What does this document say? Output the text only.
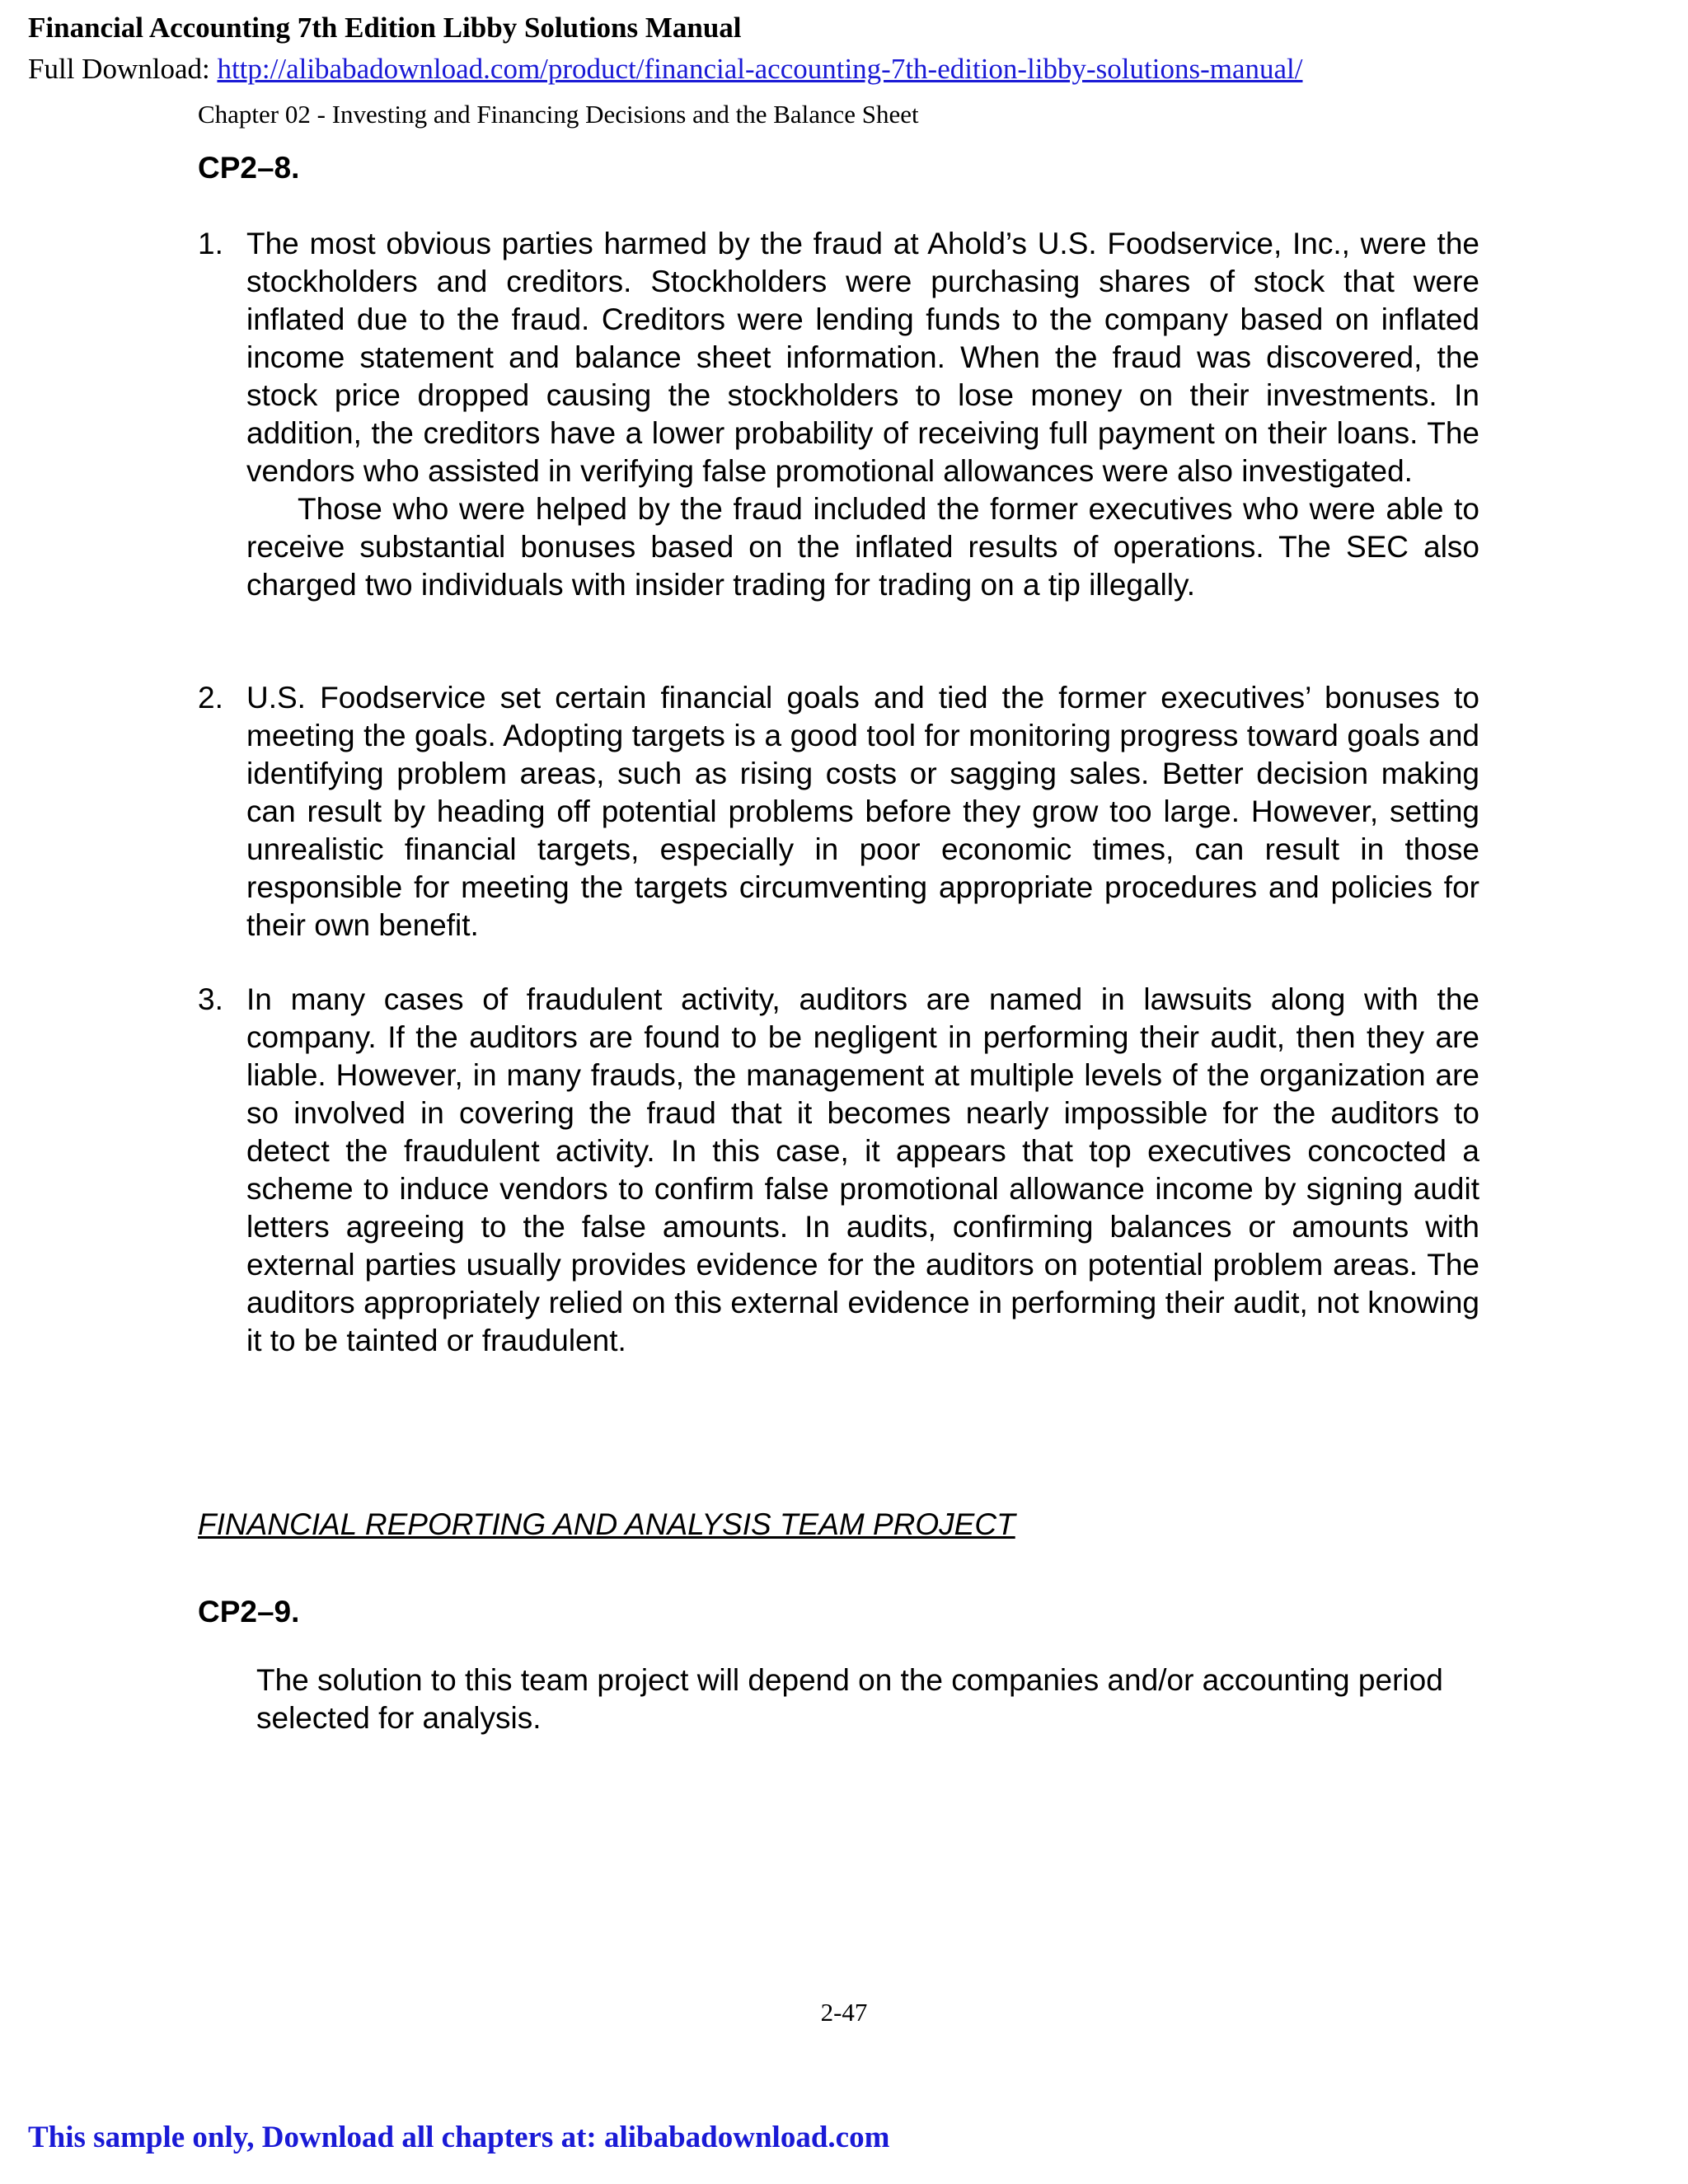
Financial Accounting 7th Edition Libby Solutions Manual
Full Download: http://alibabadownload.com/product/financial-accounting-7th-edition-libby-solutions-manual/
Chapter 02 - Investing and Financing Decisions and the Balance Sheet
CP2–8.
1. The most obvious parties harmed by the fraud at Ahold’s U.S. Foodservice, Inc., were the stockholders and creditors. Stockholders were purchasing shares of stock that were inflated due to the fraud. Creditors were lending funds to the company based on inflated income statement and balance sheet information. When the fraud was discovered, the stock price dropped causing the stockholders to lose money on their investments. In addition, the creditors have a lower probability of receiving full payment on their loans. The vendors who assisted in verifying false promotional allowances were also investigated.

Those who were helped by the fraud included the former executives who were able to receive substantial bonuses based on the inflated results of operations. The SEC also charged two individuals with insider trading for trading on a tip illegally.

2. U.S. Foodservice set certain financial goals and tied the former executives’ bonuses to meeting the goals. Adopting targets is a good tool for monitoring progress toward goals and identifying problem areas, such as rising costs or sagging sales. Better decision making can result by heading off potential problems before they grow too large. However, setting unrealistic financial targets, especially in poor economic times, can result in those responsible for meeting the targets circumventing appropriate procedures and policies for their own benefit.

3. In many cases of fraudulent activity, auditors are named in lawsuits along with the company. If the auditors are found to be negligent in performing their audit, then they are liable. However, in many frauds, the management at multiple levels of the organization are so involved in covering the fraud that it becomes nearly impossible for the auditors to detect the fraudulent activity. In this case, it appears that top executives concocted a scheme to induce vendors to confirm false promotional allowance income by signing audit letters agreeing to the false amounts. In audits, confirming balances or amounts with external parties usually provides evidence for the auditors on potential problem areas. The auditors appropriately relied on this external evidence in performing their audit, not knowing it to be tainted or fraudulent.

FINANCIAL REPORTING AND ANALYSIS TEAM PROJECT
CP2–9.
The solution to this team project will depend on the companies and/or accounting period selected for analysis.
2-47
This sample only, Download all chapters at: alibabadownload.com
